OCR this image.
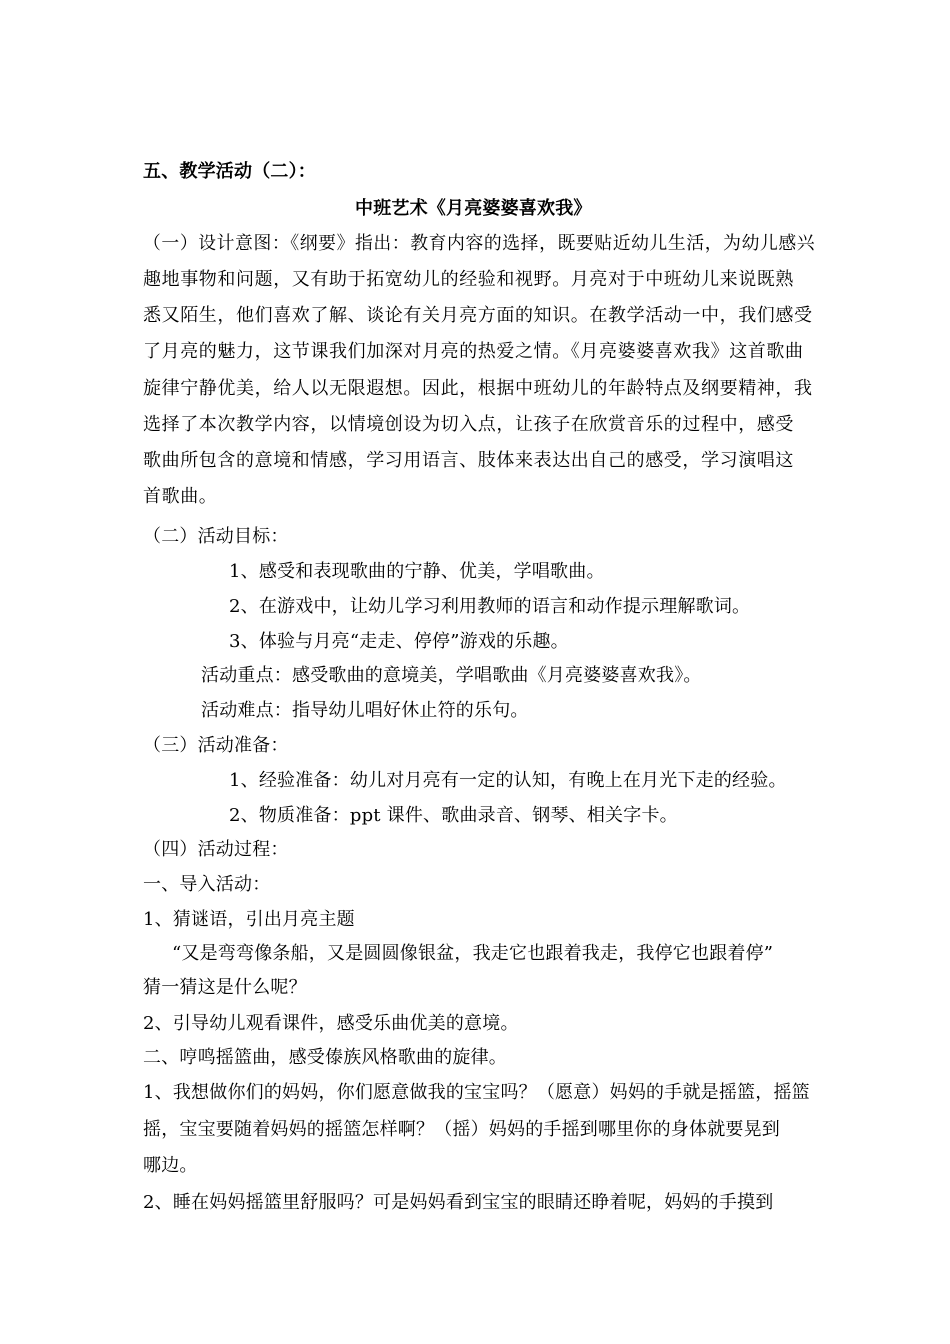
五、教学活动（二）：
中班艺术《月亮婆婆喜欢我》
（一）设计意图：《纲要》指出：教育内容的选择，既要贴近幼儿生活，为幼儿感兴
趣地事物和问题，又有助于拓宽幼儿的经验和视野。月亮对于中班幼儿来说既熟
悉又陌生，他们喜欢了解、谈论有关月亮方面的知识。在教学活动一中，我们感受
了月亮的魅力，这节课我们加深对月亮的热爱之情。《月亮婆婆喜欢我》这首歌曲
旋律宁静优美，给人以无限遐想。因此，根据中班幼儿的年龄特点及纲要精神，我
选择了本次教学内容，以情境创设为切入点，让孩子在欣赏音乐的过程中，感受
歌曲所包含的意境和情感，学习用语言、肢体来表达出自己的感受，学习演唱这
首歌曲。
（二）活动目标：
1、感受和表现歌曲的宁静、优美，学唱歌曲。
2、在游戏中，让幼儿学习利用教师的语言和动作提示理解歌词。
3、体验与月亮“走走、停停”游戏的乐趣。
活动重点：感受歌曲的意境美，学唱歌曲《月亮婆婆喜欢我》。
活动难点：指导幼儿唱好休止符的乐句。
（三）活动准备：
1、经验准备：幼儿对月亮有一定的认知，有晚上在月光下走的经验。
2、物质准备：ppt 课件、歌曲录音、钢琴、相关字卡。
（四）活动过程：
一、导入活动：
1、猜谜语，引出月亮主题
“又是弯弯像条船，又是圆圆像银盆，我走它也跟着我走，我停它也跟着停”
猜一猜这是什么呢？
2、引导幼儿观看课件，感受乐曲优美的意境。
二、哼鸣摇篮曲，感受傣族风格歌曲的旋律。
1、我想做你们的妈妈，你们愿意做我的宝宝吗？（愿意）妈妈的手就是摇篮，摇篮
摇，宝宝要随着妈妈的摇篮怎样啊？（摇）妈妈的手摇到哪里你的身体就要晃到
哪边。
2、睡在妈妈摇篮里舒服吗？可是妈妈看到宝宝的眼睛还睁着呢，妈妈的手摸到
